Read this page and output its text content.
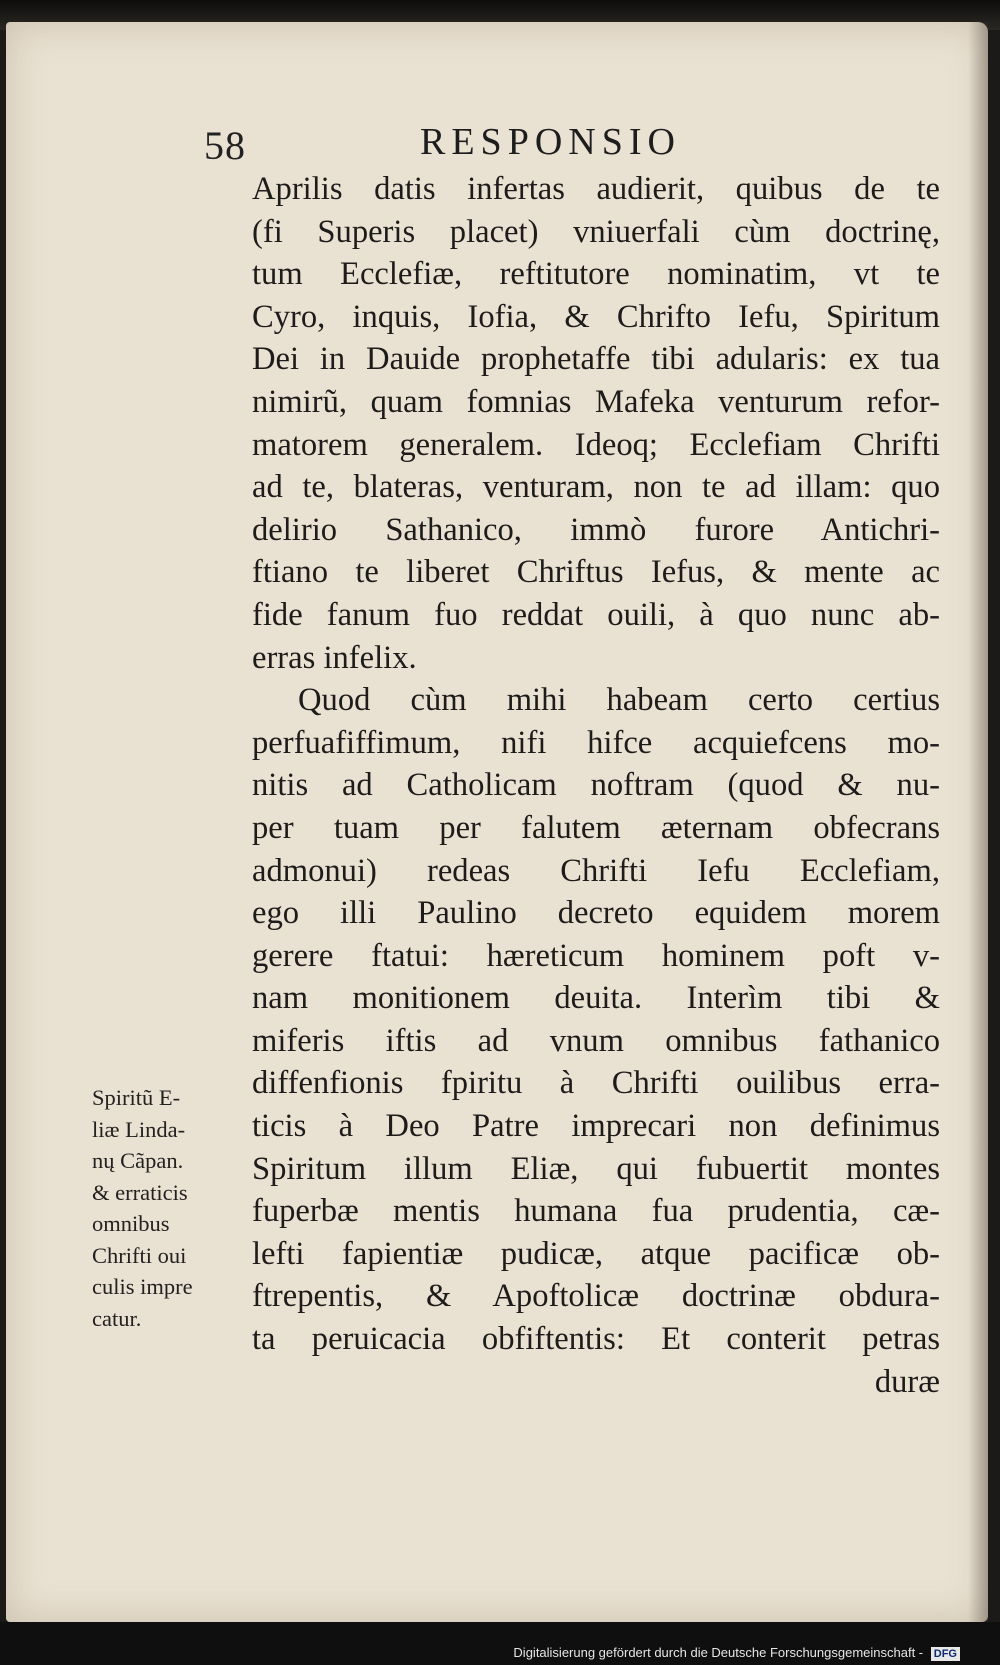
58	RESPONSIO
Aprilis datis infertas audierit, quibus de te
(fi Superis placet) vniuerfali cùm doctrinę,
tum Ecclefiæ, reftitutore nominatim, vt te
Cyro, inquis, Iofia, & Chrifto Iefu, Spiritum
Dei in Dauide prophetaffe tibi adularis: ex tua
nimirũ, quam fomnias Mafeka venturum refor-
matorem generalem. Ideoq; Ecclefiam Chrifti
ad te, blateras, venturam, non te ad illam: quo
delirio Sathanico, immò furore Antichri-
ftiano te liberet Chriftus Iefus, & mente ac
fide fanum fuo reddat ouili, à quo nunc ab-
erras infelix.
Quod cùm mihi habeam certo certius
perfuafiffimum, nifi hifce acquiefcens mo-
nitis ad Catholicam noftram (quod & nu-
per tuam per falutem æternam obfecrans
admonui) redeas Chrifti Iefu Ecclefiam,
ego illi Paulino decreto equidem morem
gerere ftatui: hæreticum hominem poft v-
nam monitionem deuita. Interìm tibi &
miferis iftis ad vnum omnibus fathanico
diffenfionis fpiritu à Chrifti ouilibus erra-
ticis à Deo Patre imprecari non definimus
Spiritum illum Eliæ, qui fubuertit montes
fuperbæ mentis humana fua prudentia, cæ-
lefti fapientiæ pudicæ, atque pacificæ ob-
ftrepentis, & Apoftolicæ doctrinæ obdura-
ta peruicacia obfiftentis: Et conterit petras
duræ
Spiritũ E-
liæ Linda-
nų Cãpan.
& erraticis
omnibus
Chrifti oui
culis impre
catur.
Digitalisierung gefördert durch die Deutsche Forschungsgemeinschaft - DFG
